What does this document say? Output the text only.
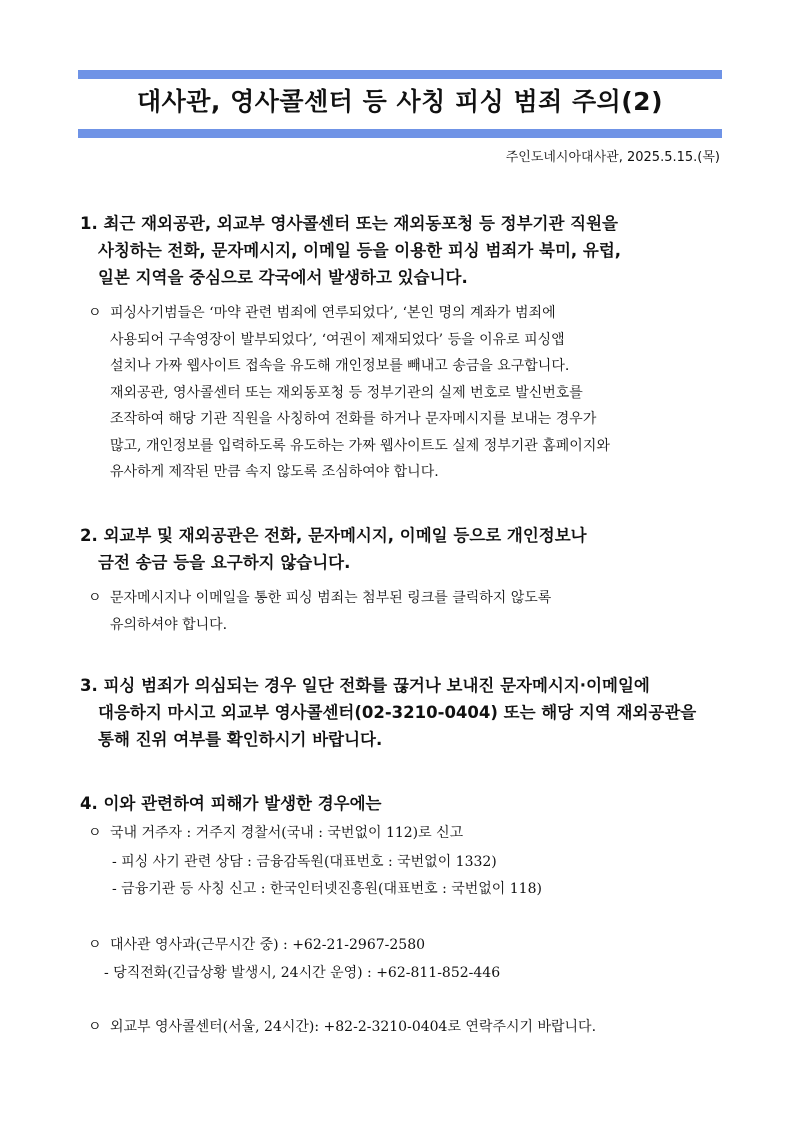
대사관, 영사콜센터 등 사칭 피싱 범죄 주의(2)
주인도네시아대사관, 2025.5.15.(목)
1. 최근 재외공관, 외교부 영사콜센터 또는 재외동포청 등 정부기관 직원을
사칭하는 전화, 문자메시지, 이메일 등을 이용한 피싱 범죄가 북미, 유럽,
일본 지역을 중심으로 각국에서 발생하고 있습니다.
ㅇ 피싱사기범들은 ‘마약 관련 범죄에 연루되었다’, ‘본인 명의 계좌가 범죄에
사용되어 구속영장이 발부되었다’, ‘여권이 제재되었다’ 등을 이유로 피싱앱
설치나 가짜 웹사이트 접속을 유도해 개인정보를 빼내고 송금을 요구합니다.
재외공관, 영사콜센터 또는 재외동포청 등 정부기관의 실제 번호로 발신번호를
조작하여 해당 기관 직원을 사칭하여 전화를 하거나 문자메시지를 보내는 경우가
많고, 개인정보를 입력하도록 유도하는 가짜 웹사이트도 실제 정부기관 홈페이지와
유사하게 제작된 만큼 속지 않도록 조심하여야 합니다.
2. 외교부 및 재외공관은 전화, 문자메시지, 이메일 등으로 개인정보나
금전 송금 등을 요구하지 않습니다.
ㅇ 문자메시지나 이메일을 통한 피싱 범죄는 첨부된 링크를 클릭하지 않도록
유의하셔야 합니다.
3. 피싱 범죄가 의심되는 경우 일단 전화를 끊거나 보내진 문자메시지·이메일에
대응하지 마시고 외교부 영사콜센터(02-3210-0404) 또는 해당 지역 재외공관을
통해 진위 여부를 확인하시기 바랍니다.
4. 이와 관련하여 피해가 발생한 경우에는
ㅇ 국내 거주자 : 거주지 경찰서(국내 : 국번없이 112)로 신고
- 피싱 사기 관련 상담 : 금융감독원(대표번호 : 국번없이 1332)
- 금융기관 등 사칭 신고 : 한국인터넷진흥원(대표번호 : 국번없이 118)
ㅇ 대사관 영사과(근무시간 중) : +62-21-2967-2580
- 당직전화(긴급상황 발생시, 24시간 운영) : +62-811-852-446
ㅇ 외교부 영사콜센터(서울, 24시간): +82-2-3210-0404로 연락주시기 바랍니다.
